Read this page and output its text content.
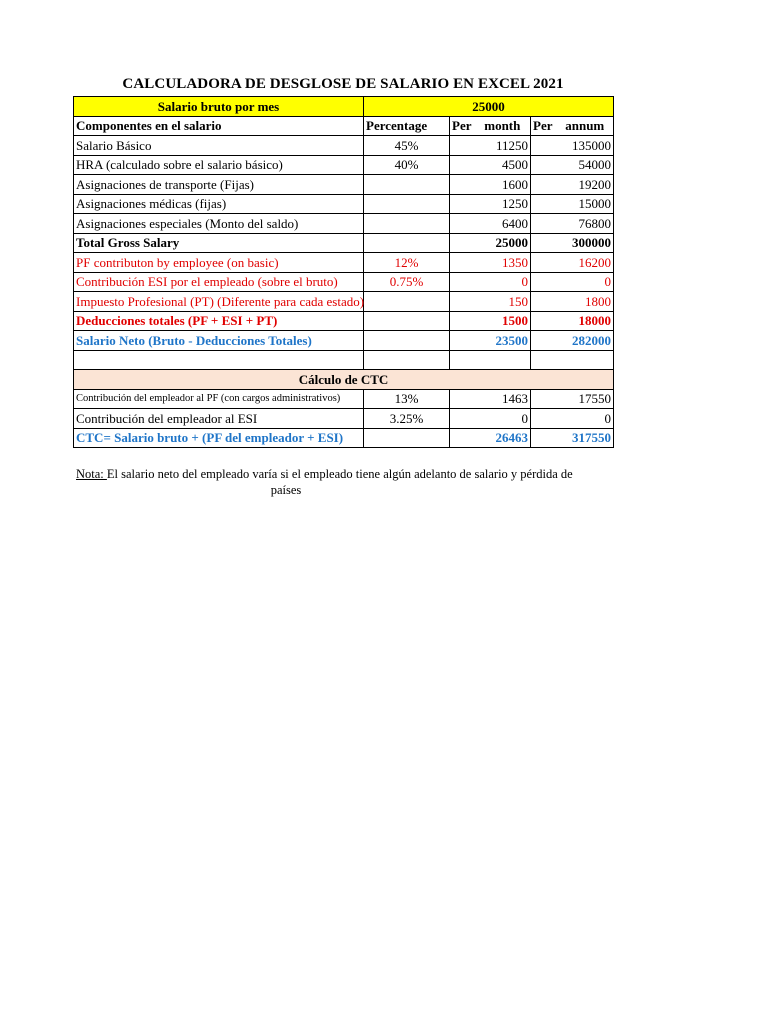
CALCULADORA DE DESGLOSE DE SALARIO EN EXCEL 2021
Salario bruto por mes	25000		
Componentes en el salario	Percentage	Per    month	Per    annum
Salario Básico	45%	11250	135000
HRA (calculado sobre el salario básico)	40%	4500	54000
Asignaciones de transporte (Fijas)		1600	19200
Asignaciones médicas (fijas)		1250	15000
Asignaciones especiales (Monto del saldo)		6400	76800
Total Gross Salary		25000	300000
PF contributon by employee (on basic)	12%	1350	16200
Contribución ESI por el empleado (sobre el bruto)	0.75%	0	0
Impuesto Profesional (PT) (Diferente para cada estado)		150	1800
Deducciones totales (PF + ESI + PT)		1500	18000
Salario Neto (Bruto - Deducciones Totales)		23500	282000

Cálculo de CTC			
Contribución del empleador al PF (con cargos administrativos)	13%	1463	17550
Contribución del empleador al ESI	3.25%	0	0
CTC= Salario bruto + (PF del empleador + ESI)		26463	317550
Nota: El salario neto del empleado varía si el empleado tiene algún adelanto de salario y pérdida de
países
